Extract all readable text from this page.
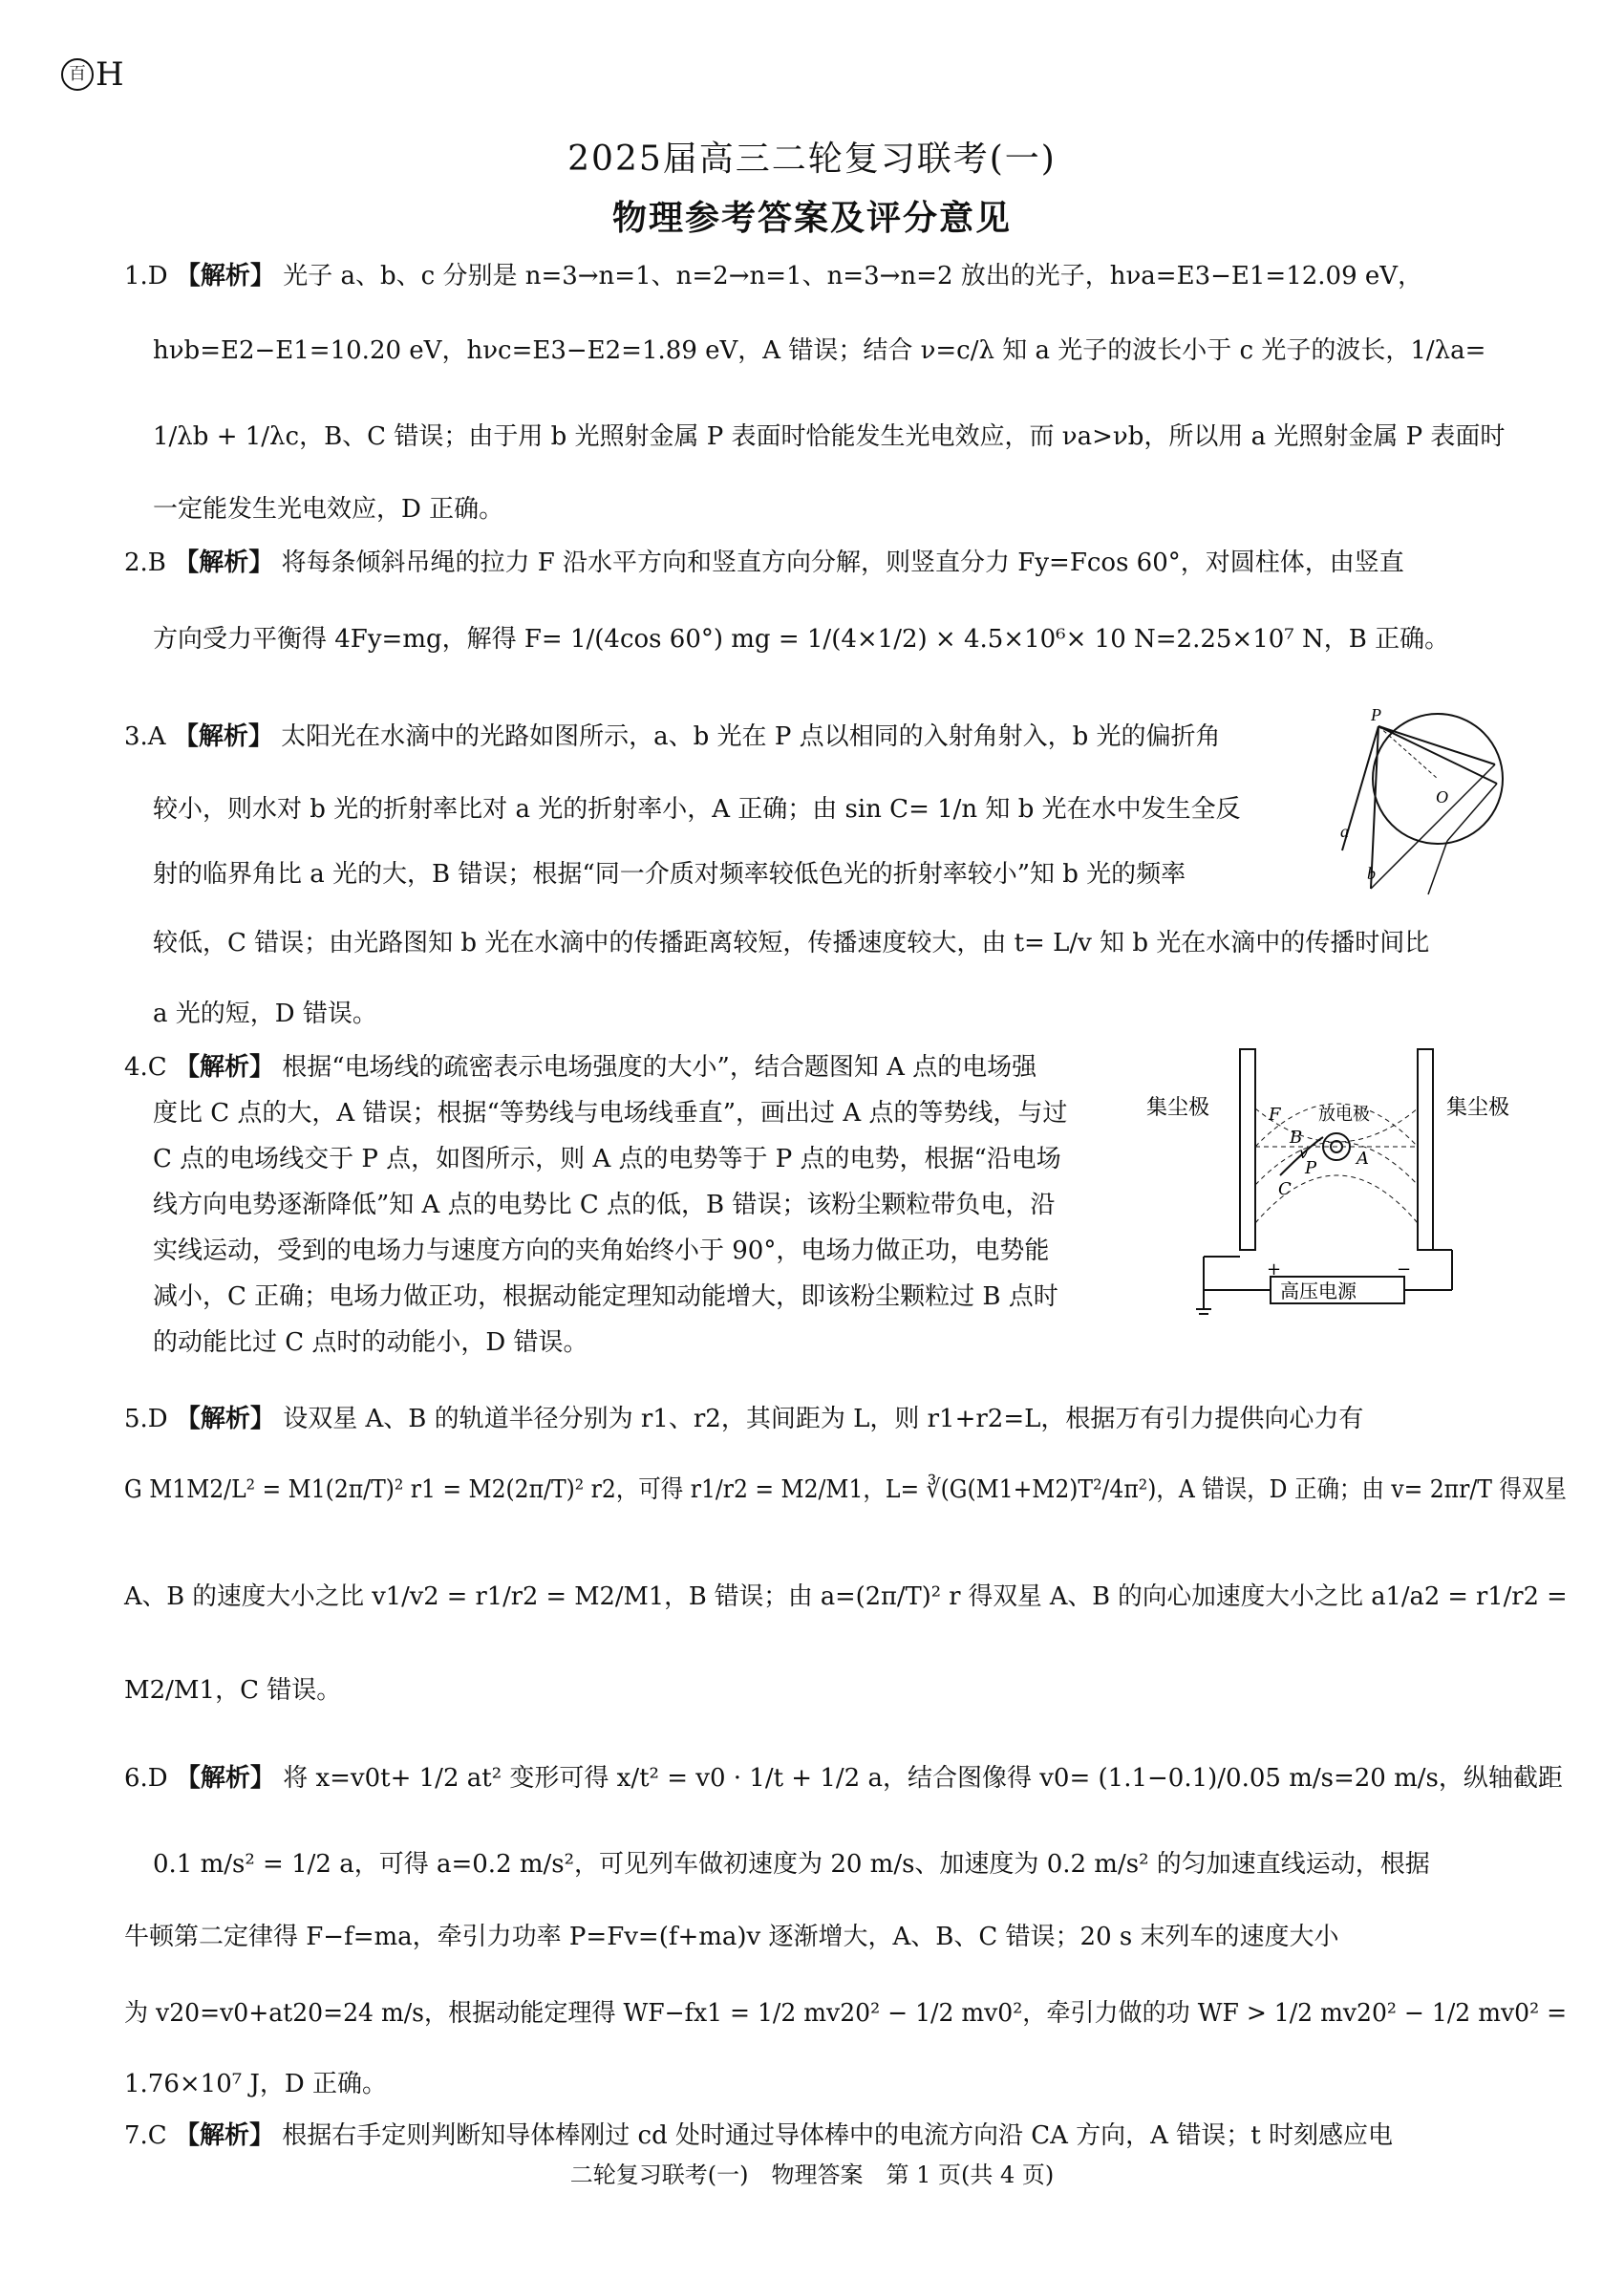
百 H
2025届高三二轮复习联考(一)
物理参考答案及评分意见
1.D 【解析】 光子 a、b、c 分别是 n=3→n=1、n=2→n=1、n=3→n=2 放出的光子，hνa=E3−E1=12.09 eV，
hνb=E2−E1=10.20 eV，hνc=E3−E2=1.89 eV，A 错误；结合 ν=c/λ 知 a 光子的波长小于 c 光子的波长，1/λa=
1/λb + 1/λc，B、C 错误；由于用 b 光照射金属 P 表面时恰能发生光电效应，而 νa>νb，所以用 a 光照射金属 P 表面时
一定能发生光电效应，D 正确。
2.B 【解析】 将每条倾斜吊绳的拉力 F 沿水平方向和竖直方向分解，则竖直分力 Fy=Fcos 60°，对圆柱体，由竖直
方向受力平衡得 4Fy=mg，解得 F= 1/(4cos 60°) mg = 1/(4×1/2) × 4.5×10⁶× 10 N=2.25×10⁷ N，B 正确。
3.A 【解析】 太阳光在水滴中的光路如图所示，a、b 光在 P 点以相同的入射角射入，b 光的偏折角
较小，则水对 b 光的折射率比对 a 光的折射率小，A 正确；由 sin C= 1/n 知 b 光在水中发生全反
射的临界角比 a 光的大，B 错误；根据“同一介质对频率较低色光的折射率较小”知 b 光的频率
较低，C 错误；由光路图知 b 光在水滴中的传播距离较短，传播速度较大，由 t= L/v 知 b 光在水滴中的传播时间比
a 光的短，D 错误。
P
O
a
b
4.C 【解析】 根据“电场线的疏密表示电场强度的大小”，结合题图知 A 点的电场强
度比 C 点的大，A 错误；根据“等势线与电场线垂直”，画出过 A 点的等势线，与过
C 点的电场线交于 P 点，如图所示，则 A 点的电势等于 P 点的电势，根据“沿电场
线方向电势逐渐降低”知 A 点的电势比 C 点的低，B 错误；该粉尘颗粒带负电，沿
实线运动，受到的电场力与速度方向的夹角始终小于 90°，电场力做正功，电势能
减小，C 正确；电场力做正功，根据动能定理知动能增大，即该粉尘颗粒过 B 点时
的动能比过 C 点时的动能小，D 错误。
高压电源
+	−
集尘极	集尘极
放电极
F
B
v
P
C
A
5.D 【解析】 设双星 A、B 的轨道半径分别为 r1、r2，其间距为 L，则 r1+r2=L，根据万有引力提供向心力有
G M1M2/L² = M1(2π/T)² r1 = M2(2π/T)² r2，可得 r1/r2 = M2/M1，L= ∛(G(M1+M2)T²/4π²)，A 错误，D 正确；由 v= 2πr/T 得双星
A、B 的速度大小之比 v1/v2 = r1/r2 = M2/M1，B 错误；由 a=(2π/T)² r 得双星 A、B 的向心加速度大小之比 a1/a2 = r1/r2 =
M2/M1，C 错误。
6.D 【解析】 将 x=v0t+ 1/2 at² 变形可得 x/t² = v0 · 1/t + 1/2 a，结合图像得 v0= (1.1−0.1)/0.05 m/s=20 m/s，纵轴截距
0.1 m/s² = 1/2 a，可得 a=0.2 m/s²，可见列车做初速度为 20 m/s、加速度为 0.2 m/s² 的匀加速直线运动，根据
牛顿第二定律得 F−f=ma，牵引力功率 P=Fv=(f+ma)v 逐渐增大，A、B、C 错误；20 s 末列车的速度大小
为 v20=v0+at20=24 m/s，根据动能定理得 WF−fx1 = 1/2 mv20² − 1/2 mv0²，牵引力做的功 WF > 1/2 mv20² − 1/2 mv0² =
1.76×10⁷ J，D 正确。
7.C 【解析】 根据右手定则判断知导体棒刚过 cd 处时通过导体棒中的电流方向沿 CA 方向，A 错误；t 时刻感应电
二轮复习联考(一)　物理答案　第 1 页(共 4 页)
